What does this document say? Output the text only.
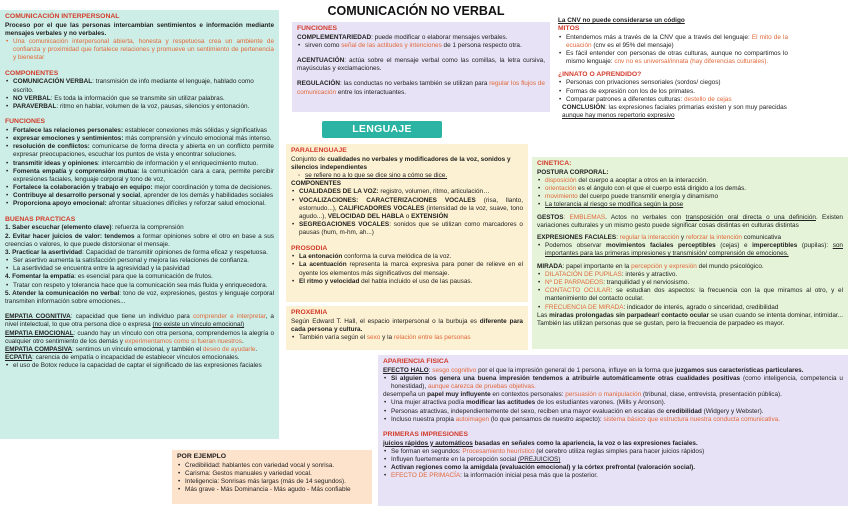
COMUNICACIÓN NO VERBAL
COMUNICACIÓN INTERPERSONAL
Proceso por el que las personas intercambian sentimientos e información mediante mensajes verbales y no verbales.
• Una comunicación interpersonal abierta, honesta y respetuosa crea un ambiente de confianza y proximidad que fortalece relaciones y promueve un sentimiento de pertenencia y bienestar
COMPONENTES
• COMUNICACIÓN VERBAL: transmisión de info mediante el lenguaje, hablado como escrito.
• NO VERBAL: Es toda la información que se transmite sin utilizar palabras.
• PARAVERBAL: ritmo en hablar, volumen de la voz, pausas, silencios y entonación.
FUNCIONES
• Fortalece las relaciones personales: establecer conexiones más sólidas y significativas
• expresar emociones y sentimientos: más comprensión y vínculo emocional más intenso.
• resolución de conflictos: comunicarse de forma directa y abierta en un conflicto permite expresar preocupaciones, escuchar los puntos de vista y encontrar soluciones.
• transmitir ideas y opiniones: intercambio de información y el enriquecimiento mutuo.
• Fomenta empatía y comprensión mutua: la comunicación cara a cara, permite percibir expresiones faciales, lenguaje corporal y tono de voz,
• Fortalece la colaboración y trabajo en equipo: mejor coordinación y toma de decisiones.
• Contribuye al desarrollo personal y social, aprender de los demás y habilidades sociales
• Proporciona apoyo emocional: afrontar situaciones difíciles y reforzar salud emocional.
BUENAS PRACTICAS
1. Saber escuchar (elemento clave): refuerza la comprensión
2. Evitar hacer juicios de valor: tendemos a formar opiniones sobre el otro en base a sus creencias o valores, lo que puede distorsionar el mensaje.
3. Practicar la asertividad: Capacidad de transmitir opiniones de forma eficaz y respetuosa.
• Ser asertivo aumenta la satisfacción personal y mejora las relaciones de confianza.
• La asertividad se encuentra entre la agresividad y la pasividad
4. Fomentar la empatía: es esencial para que la comunicación de frutos.
• Tratar con respeto y tolerancia hace que la comunicación sea más fluida y enriquecedora.
5. Atender la comunicación no verbal: tono de voz, expresiones, gestos y lenguaje corporal transmiten información sobre emociones...
EMPATIA COGNITIVA: capacidad que tiene un individuo para comprender e interpretar, a nivel intelectual, lo que otra persona dice o expresa (no existe un vínculo emocional)
EMPATIA EMOCIONAL: cuando hay un vínculo con otra persona, comprendemos la alegría o cualquier otro sentimiento de los demás y experimentamos como si fueran nuestros.
EMPATIA COMPASIVA: sentimos un vínculo emocional, y también el deseo de ayudarle.
ECPATIA: carencia de empatía o incapacidad de establecer vínculos emocionales.
• el uso de Botox reduce la capacidad de captar el significado de las expresiones faciales
FUNCIONES
COMPLEMENTARIEDAD: puede modificar o elaborar mensajes verbales.
• sirven como señal de las actitudes y intenciones de 1 persona respecto otra.
ACENTUACIÓN: actúa sobre el mensaje verbal como las comillas, la letra cursiva, mayúsculas y exclamaciones.
REGULACIÓN: las conductas no verbales también se utilizan para regular los flujos de comunicación entre los interactuantes.
LENGUAJE
PARALENGUAJE
Conjunto de cualidades no verbales y modificadores de la voz, sonidos y silencios independientes
◦ se refiere no a lo que se dice sino a cómo se dice.
COMPONENTES
• CUALIDADES DE LA VOZ: registro, volumen, ritmo, articulación…
• VOCALIZACIONES: CARACTERIZACIONES VOCALES (risa, llanto, estornudo...), CALIFICADORES VOCALES (intensidad de la voz, suave, tono agudo...), VELOCIDAD DEL HABLA o EXTENSIÓN
• SEGREGACIONES VOCALES: sonidos que se utilizan como marcadores o pausas (hum, m-hm, ah...)
PROSODIA
• La entonación conforma la curva melódica de la voz.
• La acentuación representa la marca expresiva para poner de relieve en el oyente los elementos más significativos del mensaje.
• El ritmo y velocidad del habla incluido el uso de las pausas.
PROXEMIA
Según Edward T. Hall, el espacio interpersonal o la burbuja es diferente para cada persona y cultura.
• También varía según el sexo y la relación entre las personas
POR EJEMPLO
• Credibilidad: hablantes con variedad vocal y sonrisa.
• Carisma: Gestos manuales y variedad vocal.
• Inteligencia: Sonrisas más largas (más de 14 segundos).
• Más grave - Más Dominancia - Más agudo - Más confiable
La CNV no puede considerarse un código
MITOS
• Entendemos más a través de la CNV que a través del lenguaje: El mito de la ecuación (cnv es el 95% del mensaje)
• Es fácil entender con personas de otras culturas, aunque no compartimos lo mismo lenguaje: cnv no es universal/innata (hay diferencias culturales).
¿INNATO O APRENDIDO?
• Personas con privaciones sensoriales (sordos/ ciegos)
• Formas de expresión con los de los primates.
• Comparar patrones a diferentes culturas: destello de cejas
CONCLUSIÓN: las expresiones faciales primarias existen y son muy parecidas aunque hay menos repertorio expresivo
CINETICA:
POSTURA CORPORAL:
• disposición del cuerpo a aceptar a otros en la interacción.
• orientación es el ángulo con el que el cuerpo está dirigido a los demás.
• movimiento del cuerpo puede transmitir energía y dinamismo
• La tolerancia al riesgo se modifica según la pose
GESTOS: EMBLEMAS. Actos no verbales con transposición oral directa o una definición. Existen variaciones culturales y un mismo gesto puede significar cosas distintas en culturas distintas
EXPRESIONES FACIALES: regular la interacción y reforzar la intención comunicativa
• Podemos observar movimientos faciales perceptibles (cejas) e imperceptibles (pupilas): son importantes para las primeras impresiones y transmisión/ comprensión de emociones.
MIRADA: papel importante en la percepción y expresión del mundo psicológico.
• DILATACIÓN DE PUPILAS: interés y atractivo.
• Nº DE PARPADEOS: tranquilidad y el nerviosismo.
• CONTACTO OCULAR: se estudian dos aspectos: la frecuencia con la que miramos al otro, y el mantenimiento del contacto ocular.
• FRECUENCIA DE MIRADA: indicador de interés, agrado o sinceridad, credibilidad
Las miradas prolongadas sin parpadear/ contacto ocular se usan cuando se intenta dominar, intimidar... También las utilizan personas que se gustan, pero la frecuencia de parpadeo es mayor.
APARIENCIA FISICA
EFECTO HALO: sesgo cognitivo por el que la impresión general de 1 persona, influye en la forma que juzgamos sus características particulares.
• Si alguien nos genera una buena impresión tendemos a atribuirle automáticamente otras cualidades positivas (como inteligencia, competencia u honestidad), aunque carezca de pruebas objetivas.
desempeña un papel muy influyente en contextos personales: persuasión o manipulación (tribunal, clase, entrevista, presentación pública).
• Una mujer atractiva podía modificar las actitudes de los estudiantes varones. (Mills y Aronson).
• Personas atractivas, independientemente del sexo, reciben una mayor evaluación en escalas de credibilidad (Widgery y Webster).
• Incluso nuestra propia autoimagen (lo que pensamos de nuestro aspecto): sistema básico que estructura nuestra conducta comunicativa.
PRIMERAS IMPRESIONES
juicios rápidos y automáticos basadas en señales como la apariencia, la voz o las expresiones faciales.
• Se forman en segundos: Procesamiento heurístico (el cerebro utiliza reglas simples para hacer juicios rápidos)
• Influyen fuertemente en la percepción social (PREJUICIOS)
• Activan regiones como la amígdala (evaluación emocional) y la córtex prefrontal (valoración social).
• EFECTO DE PRIMACÍA: la información inicial pesa más que la posterior.
